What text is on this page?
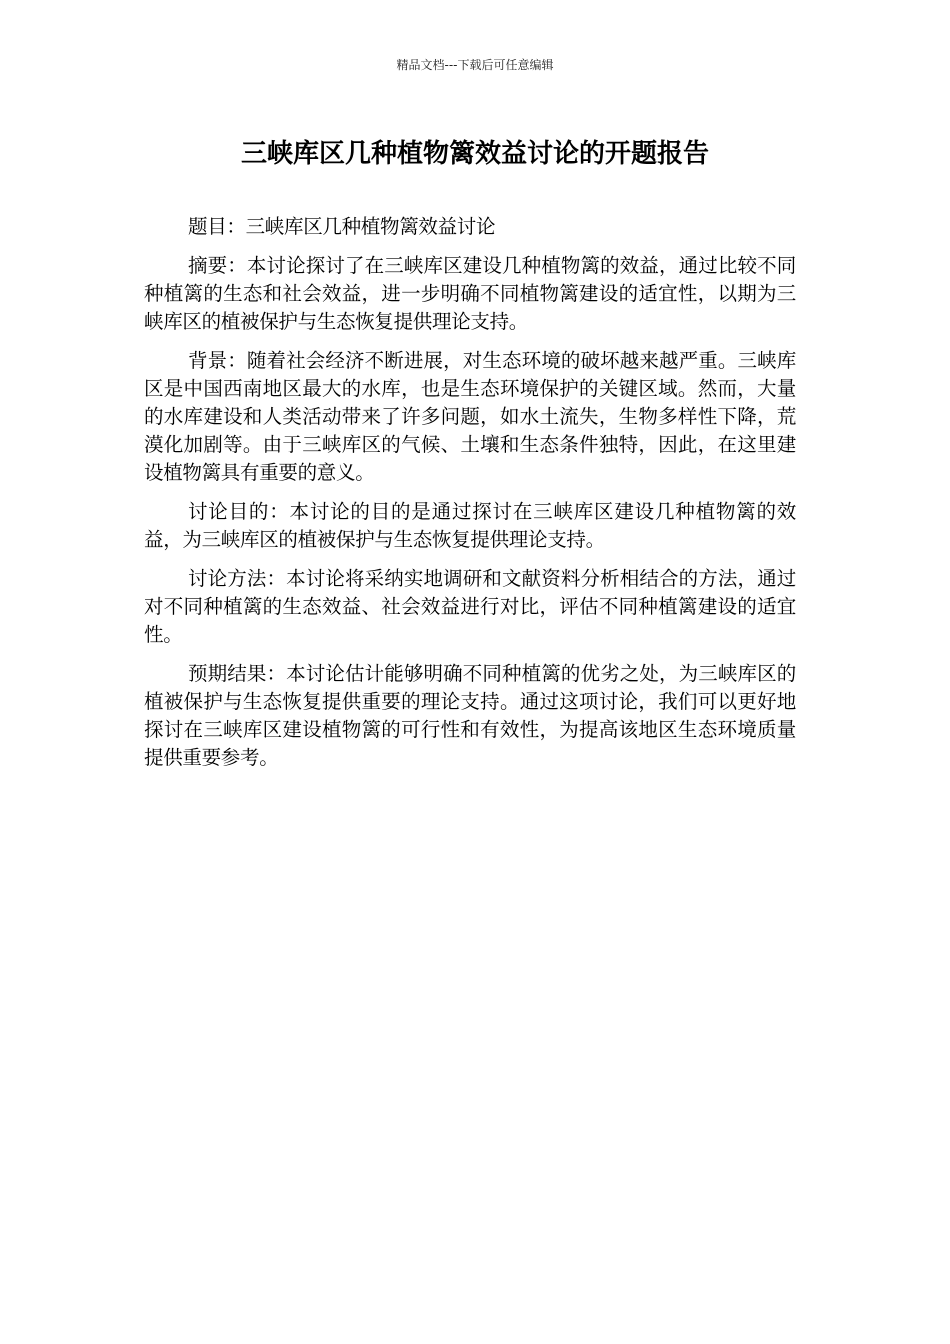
精品文档---下载后可任意编辑
三峡库区几种植物篱效益讨论的开题报告

题目：三峡库区几种植物篱效益讨论

摘要：本讨论探讨了在三峡库区建设几种植物篱的效益，通过比较不同种植篱的生态和社会效益，进一步明确不同植物篱建设的适宜性，以期为三峡库区的植被保护与生态恢复提供理论支持。

背景：随着社会经济不断进展，对生态环境的破坏越来越严重。三峡库区是中国西南地区最大的水库，也是生态环境保护的关键区域。然而，大量的水库建设和人类活动带来了许多问题，如水土流失，生物多样性下降，荒漠化加剧等。由于三峡库区的气候、土壤和生态条件独特，因此，在这里建设植物篱具有重要的意义。

讨论目的：本讨论的目的是通过探讨在三峡库区建设几种植物篱的效益，为三峡库区的植被保护与生态恢复提供理论支持。

讨论方法：本讨论将采纳实地调研和文献资料分析相结合的方法，通过对不同种植篱的生态效益、社会效益进行对比，评估不同种植篱建设的适宜性。

预期结果：本讨论估计能够明确不同种植篱的优劣之处，为三峡库区的植被保护与生态恢复提供重要的理论支持。通过这项讨论，我们可以更好地探讨在三峡库区建设植物篱的可行性和有效性，为提高该地区生态环境质量提供重要参考。
